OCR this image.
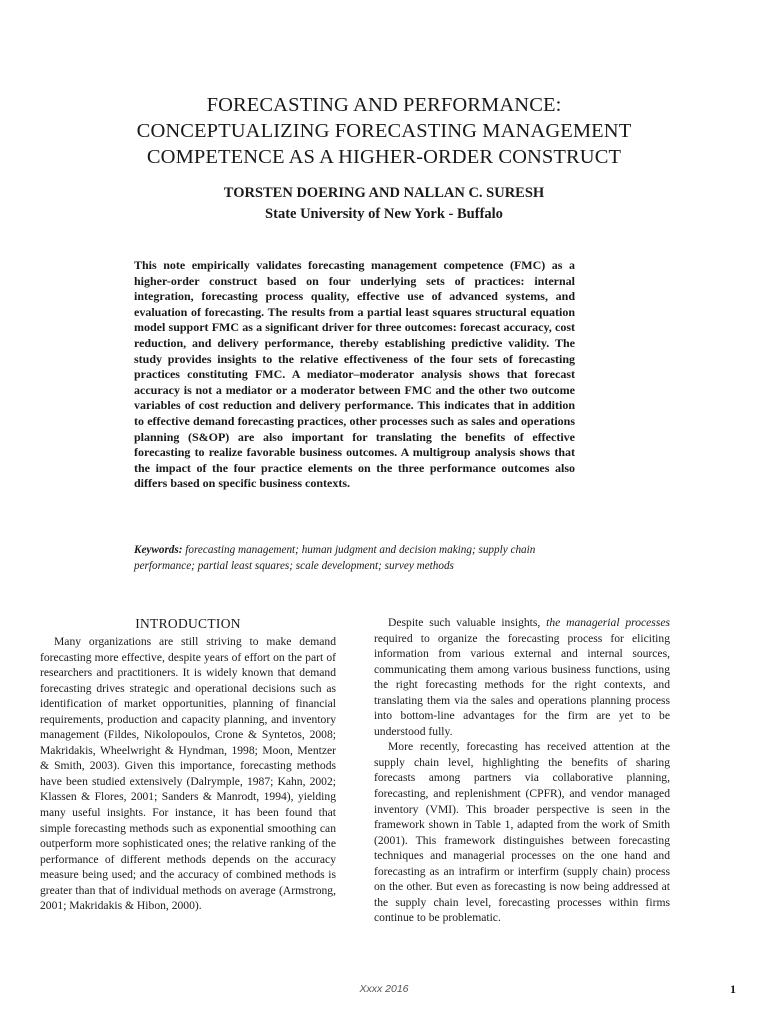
FORECASTING AND PERFORMANCE:
CONCEPTUALIZING FORECASTING MANAGEMENT
COMPETENCE AS A HIGHER-ORDER CONSTRUCT
TORSTEN DOERING AND NALLAN C. SURESH
State University of New York - Buffalo

This note empirically validates forecasting management competence (FMC) as a higher-order construct based on four underlying sets of practices: internal integration, forecasting process quality, effective use of advanced systems, and evaluation of forecasting. The results from a partial least squares structural equation model support FMC as a significant driver for three outcomes: forecast accuracy, cost reduction, and delivery performance, thereby establishing predictive validity. The study provides insights to the relative effectiveness of the four sets of forecasting practices constituting FMC. A mediator–moderator analysis shows that forecast accuracy is not a mediator or a moderator between FMC and the other two outcome variables of cost reduction and delivery performance. This indicates that in addition to effective demand forecasting practices, other processes such as sales and operations planning (S&OP) are also important for translating the benefits of effective forecasting to realize favorable business outcomes. A multigroup analysis shows that the impact of the four practice elements on the three performance outcomes also differs based on specific business contexts.

Keywords: forecasting management; human judgment and decision making; supply chain performance; partial least squares; scale development; survey methods

INTRODUCTION

Many organizations are still striving to make demand forecasting more effective, despite years of effort on the part of researchers and practitioners. It is widely known that demand forecasting drives strategic and operational decisions such as identification of market opportunities, planning of financial requirements, production and capacity planning, and inventory management (Fildes, Nikolopoulos, Crone & Syntetos, 2008; Makridakis, Wheelwright & Hyndman, 1998; Moon, Mentzer & Smith, 2003). Given this importance, forecasting methods have been studied extensively (Dalrymple, 1987; Kahn, 2002; Klassen & Flores, 2001; Sanders & Manrodt, 1994), yielding many useful insights. For instance, it has been found that simple forecasting methods such as exponential smoothing can outperform more sophisticated ones; the relative ranking of the performance of different methods depends on the accuracy measure being used; and the accuracy of combined methods is greater than that of individual methods on average (Armstrong, 2001; Makridakis & Hibon, 2000).

Despite such valuable insights, the managerial processes required to organize the forecasting process for eliciting information from various external and internal sources, communicating them among various business functions, using the right forecasting methods for the right contexts, and translating them via the sales and operations planning process into bottom-line advantages for the firm are yet to be understood fully.

More recently, forecasting has received attention at the supply chain level, highlighting the benefits of sharing forecasts among partners via collaborative planning, forecasting, and replenishment (CPFR), and vendor managed inventory (VMI). This broader perspective is seen in the framework shown in Table 1, adapted from the work of Smith (2001). This framework distinguishes between forecasting techniques and managerial processes on the one hand and forecasting as an intrafirm or interfirm (supply chain) process on the other. But even as forecasting is now being addressed at the supply chain level, forecasting processes within firms continue to be problematic.

Xxxx 2016	1
